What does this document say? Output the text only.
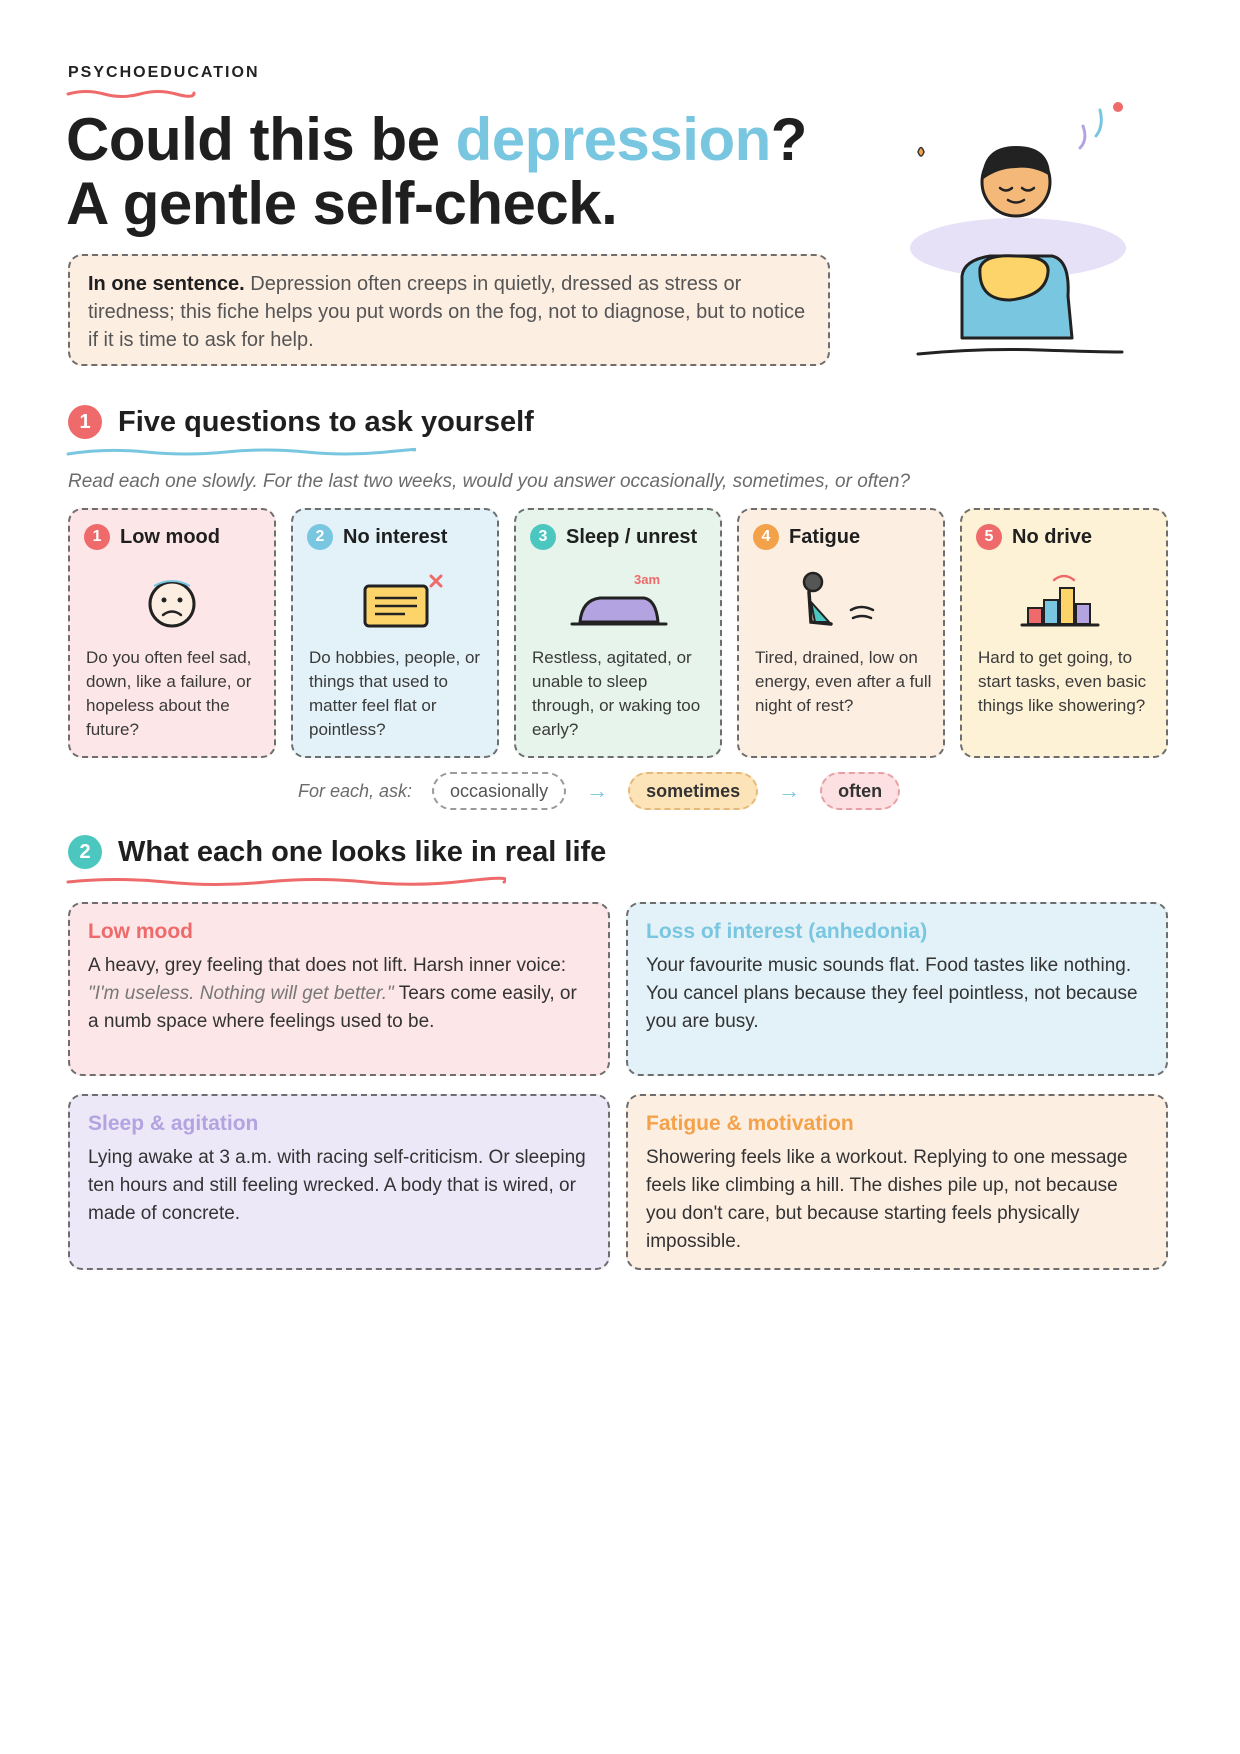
PSYCHOEDUCATION
Could this be depression?
A gentle self-check.
In one sentence. Depression often creeps in quietly, dressed as stress or tiredness; this fiche helps you put words on the fog, not to diagnose, but to notice if it is time to ask for help.
1 Five questions to ask yourself
Read each one slowly. For the last two weeks, would you answer occasionally, sometimes, or often?
1 Low mood
Do you often feel sad, down, like a failure, or hopeless about the future?
2 No interest
Do hobbies, people, or things that used to matter feel flat or pointless?
3 Sleep / unrest
3am
Restless, agitated, or unable to sleep through, or waking too early?
4 Fatigue
Tired, drained, low on energy, even after a full night of rest?
5 No drive
Hard to get going, to start tasks, even basic things like showering?
For each, ask:	occasionally	→	sometimes	→	often
2 What each one looks like in real life
Low mood
A heavy, grey feeling that does not lift. Harsh inner voice: "I'm useless. Nothing will get better." Tears come easily, or a numb space where feelings used to be.
Loss of interest (anhedonia)
Your favourite music sounds flat. Food tastes like nothing. You cancel plans because they feel pointless, not because you are busy.
Sleep & agitation
Lying awake at 3 a.m. with racing self-criticism. Or sleeping ten hours and still feeling wrecked. A body that is wired, or made of concrete.
Fatigue & motivation
Showering feels like a workout. Replying to one message feels like climbing a hill. The dishes pile up, not because you don't care, but because starting feels physically impossible.
